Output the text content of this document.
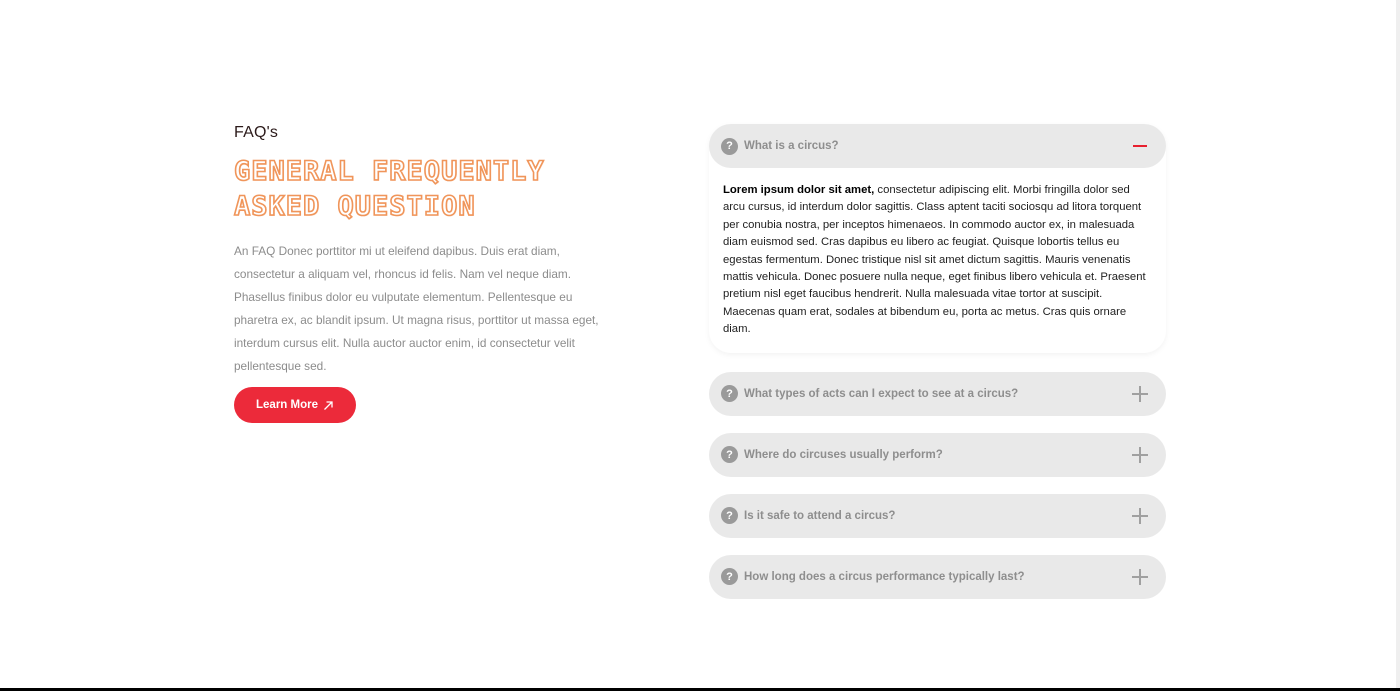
FAQ's
GENERAL FREQUENTLY ASKED QUESTION

An FAQ Donec porttitor mi ut eleifend dapibus. Duis erat diam, consectetur a aliquam vel, rhoncus id felis. Nam vel neque diam. Phasellus finibus dolor eu vulputate elementum. Pellentesque eu pharetra ex, ac blandit ipsum. Ut magna risus, porttitor ut massa eget, interdum cursus elit. Nulla auctor auctor enim, id consectetur velit pellentesque sed.

Learn More
? What is a circus?
Lorem ipsum dolor sit amet, consectetur adipiscing elit. Morbi fringilla dolor sed arcu cursus, id interdum dolor sagittis. Class aptent taciti sociosqu ad litora torquent per conubia nostra, per inceptos himenaeos. In commodo auctor ex, in malesuada diam euismod sed. Cras dapibus eu libero ac feugiat. Quisque lobortis tellus eu egestas fermentum. Donec tristique nisl sit amet dictum sagittis. Mauris venenatis mattis vehicula. Donec posuere nulla neque, eget finibus libero vehicula et. Praesent pretium nisl eget faucibus hendrerit. Nulla malesuada vitae tortor at suscipit. Maecenas quam erat, sodales at bibendum eu, porta ac metus. Cras quis ornare diam.
? What types of acts can I expect to see at a circus?
? Where do circuses usually perform?
? Is it safe to attend a circus?
? How long does a circus performance typically last?
